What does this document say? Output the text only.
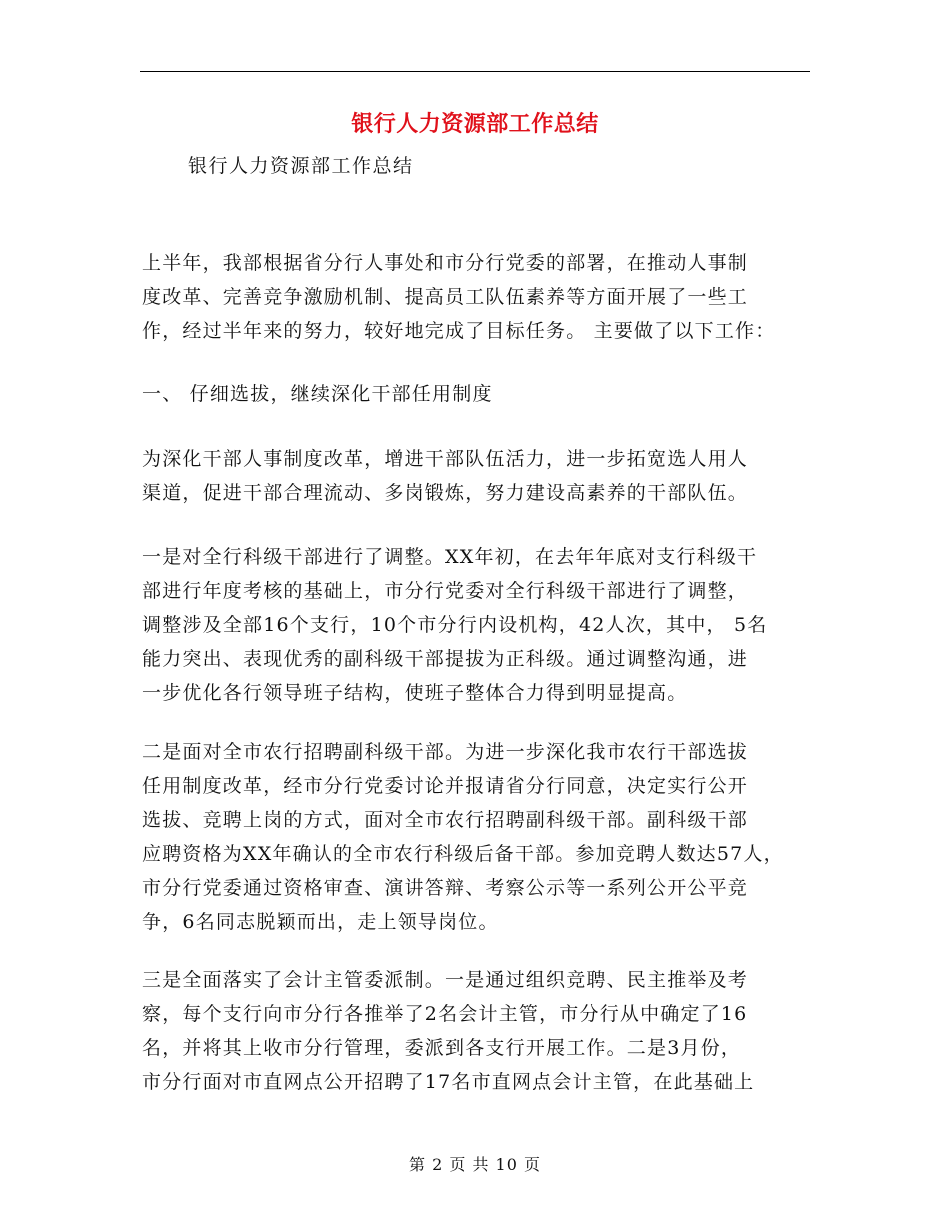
银行人力资源部工作总结
银行人力资源部工作总结
上半年，我部根据省分行人事处和市分行党委的部署，在推动人事制
度改革、完善竞争激励机制、提高员工队伍素养等方面开展了一些工
作，经过半年来的努力，较好地完成了目标任务。 主要做了以下工作：
一、 仔细选拔，继续深化干部任用制度
为深化干部人事制度改革，增进干部队伍活力，进一步拓宽选人用人
渠道，促进干部合理流动、多岗锻炼，努力建设高素养的干部队伍。
一是对全行科级干部进行了调整。XX年初，在去年年底对支行科级干
部进行年度考核的基础上，市分行党委对全行科级干部进行了调整，
调整涉及全部16个支行，10个市分行内设机构，42人次，其中， 5名
能力突出、表现优秀的副科级干部提拔为正科级。通过调整沟通，进
一步优化各行领导班子结构，使班子整体合力得到明显提高。
二是面对全市农行招聘副科级干部。为进一步深化我市农行干部选拔
任用制度改革，经市分行党委讨论并报请省分行同意，决定实行公开
选拔、竞聘上岗的方式，面对全市农行招聘副科级干部。副科级干部
应聘资格为XX年确认的全市农行科级后备干部。参加竞聘人数达57人，
市分行党委通过资格审查、演讲答辩、考察公示等一系列公开公平竞
争，6名同志脱颖而出，走上领导岗位。
三是全面落实了会计主管委派制。一是通过组织竞聘、民主推举及考
察，每个支行向市分行各推举了2名会计主管，市分行从中确定了16
名，并将其上收市分行管理，委派到各支行开展工作。二是3月份，
市分行面对市直网点公开招聘了17名市直网点会计主管，在此基础上
第 2 页 共 10 页
